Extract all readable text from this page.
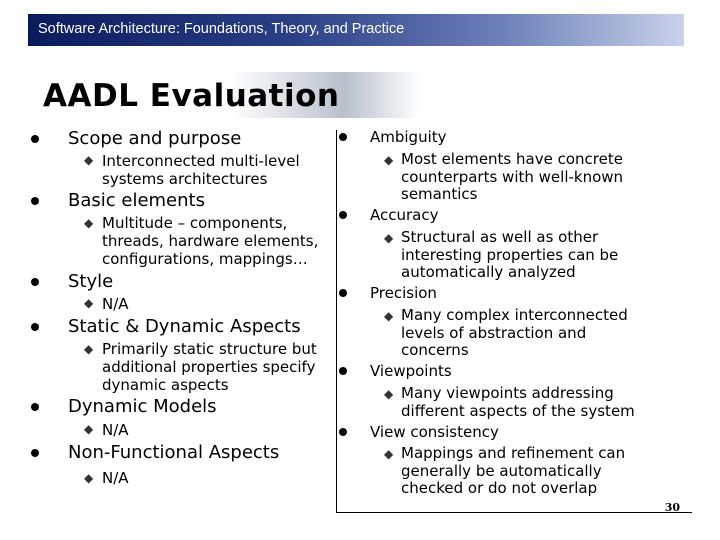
Software Architecture: Foundations, Theory, and Practice
AADL Evaluation
Scope and purpose
◆ Interconnected multi-level
systems architectures
Basic elements
◆ Multitude – components,
threads, hardware elements,
configurations, mappings…
Style
◆ N/A
Static & Dynamic Aspects
◆ Primarily static structure but
additional properties specify
dynamic aspects
Dynamic Models
◆ N/A
Non-Functional Aspects
◆ N/A
Ambiguity
◆ Most elements have concrete
counterparts with well-known
semantics
Accuracy
◆ Structural as well as other
interesting properties can be
automatically analyzed
Precision
◆ Many complex interconnected
levels of abstraction and
concerns
Viewpoints
◆ Many viewpoints addressing
different aspects of the system
View consistency
◆ Mappings and refinement can
generally be automatically
checked or do not overlap
30
